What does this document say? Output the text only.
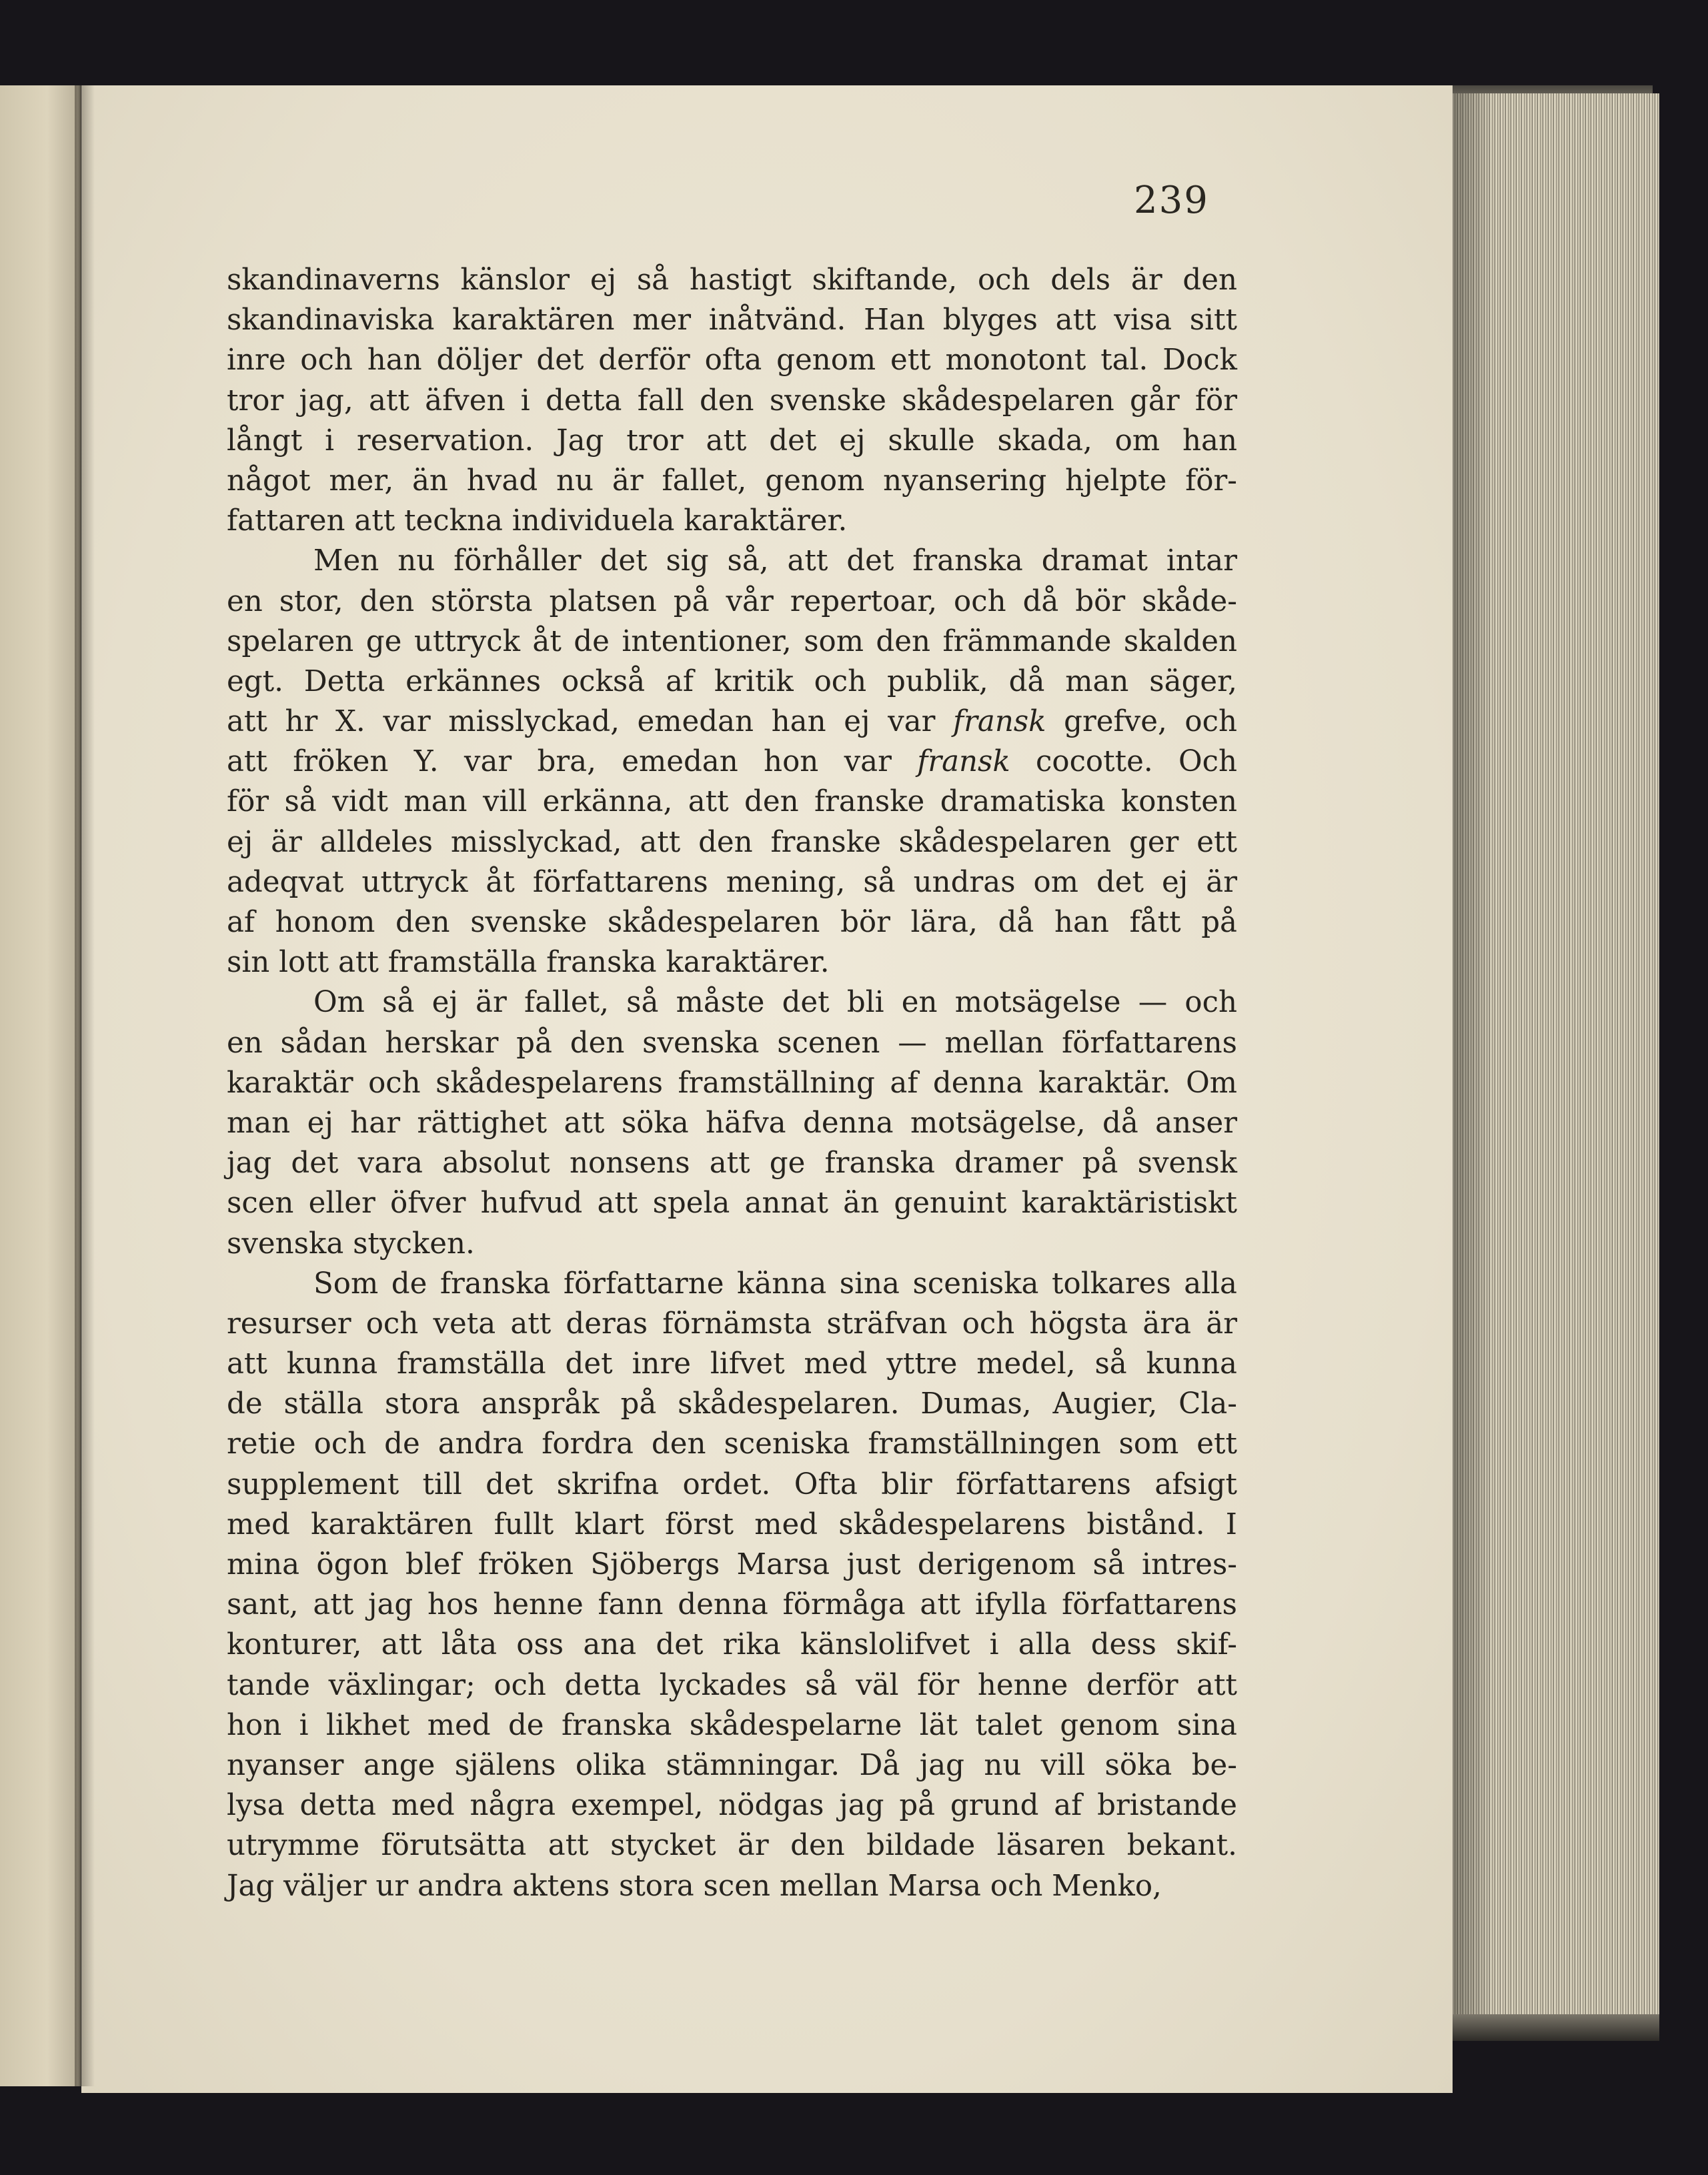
239
skandinaverns känslor ej så hastigt skiftande, och dels är den
skandinaviska karaktären mer inåtvänd. Han blyges att visa sitt
inre och han döljer det derför ofta genom ett monotont tal. Dock
tror jag, att äfven i detta fall den svenske skådespelaren går för
långt i reservation. Jag tror att det ej skulle skada, om han
något mer, än hvad nu är fallet, genom nyansering hjelpte för-
fattaren att teckna individuela karaktärer.
Men nu förhåller det sig så, att det franska dramat intar
en stor, den största platsen på vår repertoar, och då bör skåde-
spelaren ge uttryck åt de intentioner, som den främmande skalden
egt. Detta erkännes också af kritik och publik, då man säger,
att hr X. var misslyckad, emedan han ej var fransk grefve, och
att fröken Y. var bra, emedan hon var fransk cocotte. Och
för så vidt man vill erkänna, att den franske dramatiska konsten
ej är alldeles misslyckad, att den franske skådespelaren ger ett
adeqvat uttryck åt författarens mening, så undras om det ej är
af honom den svenske skådespelaren bör lära, då han fått på
sin lott att framställa franska karaktärer.
Om så ej är fallet, så måste det bli en motsägelse — och
en sådan herskar på den svenska scenen — mellan författarens
karaktär och skådespelarens framställning af denna karaktär. Om
man ej har rättighet att söka häfva denna motsägelse, då anser
jag det vara absolut nonsens att ge franska dramer på svensk
scen eller öfver hufvud att spela annat än genuint karaktäristiskt
svenska stycken.
Som de franska författarne känna sina sceniska tolkares alla
resurser och veta att deras förnämsta sträfvan och högsta ära är
att kunna framställa det inre lifvet med yttre medel, så kunna
de ställa stora anspråk på skådespelaren. Dumas, Augier, Cla-
retie och de andra fordra den sceniska framställningen som ett
supplement till det skrifna ordet. Ofta blir författarens afsigt
med karaktären fullt klart först med skådespelarens bistånd. I
mina ögon blef fröken Sjöbergs Marsa just derigenom så intres-
sant, att jag hos henne fann denna förmåga att ifylla författarens
konturer, att låta oss ana det rika känslolifvet i alla dess skif-
tande växlingar; och detta lyckades så väl för henne derför att
hon i likhet med de franska skådespelarne lät talet genom sina
nyanser ange själens olika stämningar. Då jag nu vill söka be-
lysa detta med några exempel, nödgas jag på grund af bristande
utrymme förutsätta att stycket är den bildade läsaren bekant.
Jag väljer ur andra aktens stora scen mellan Marsa och Menko,
